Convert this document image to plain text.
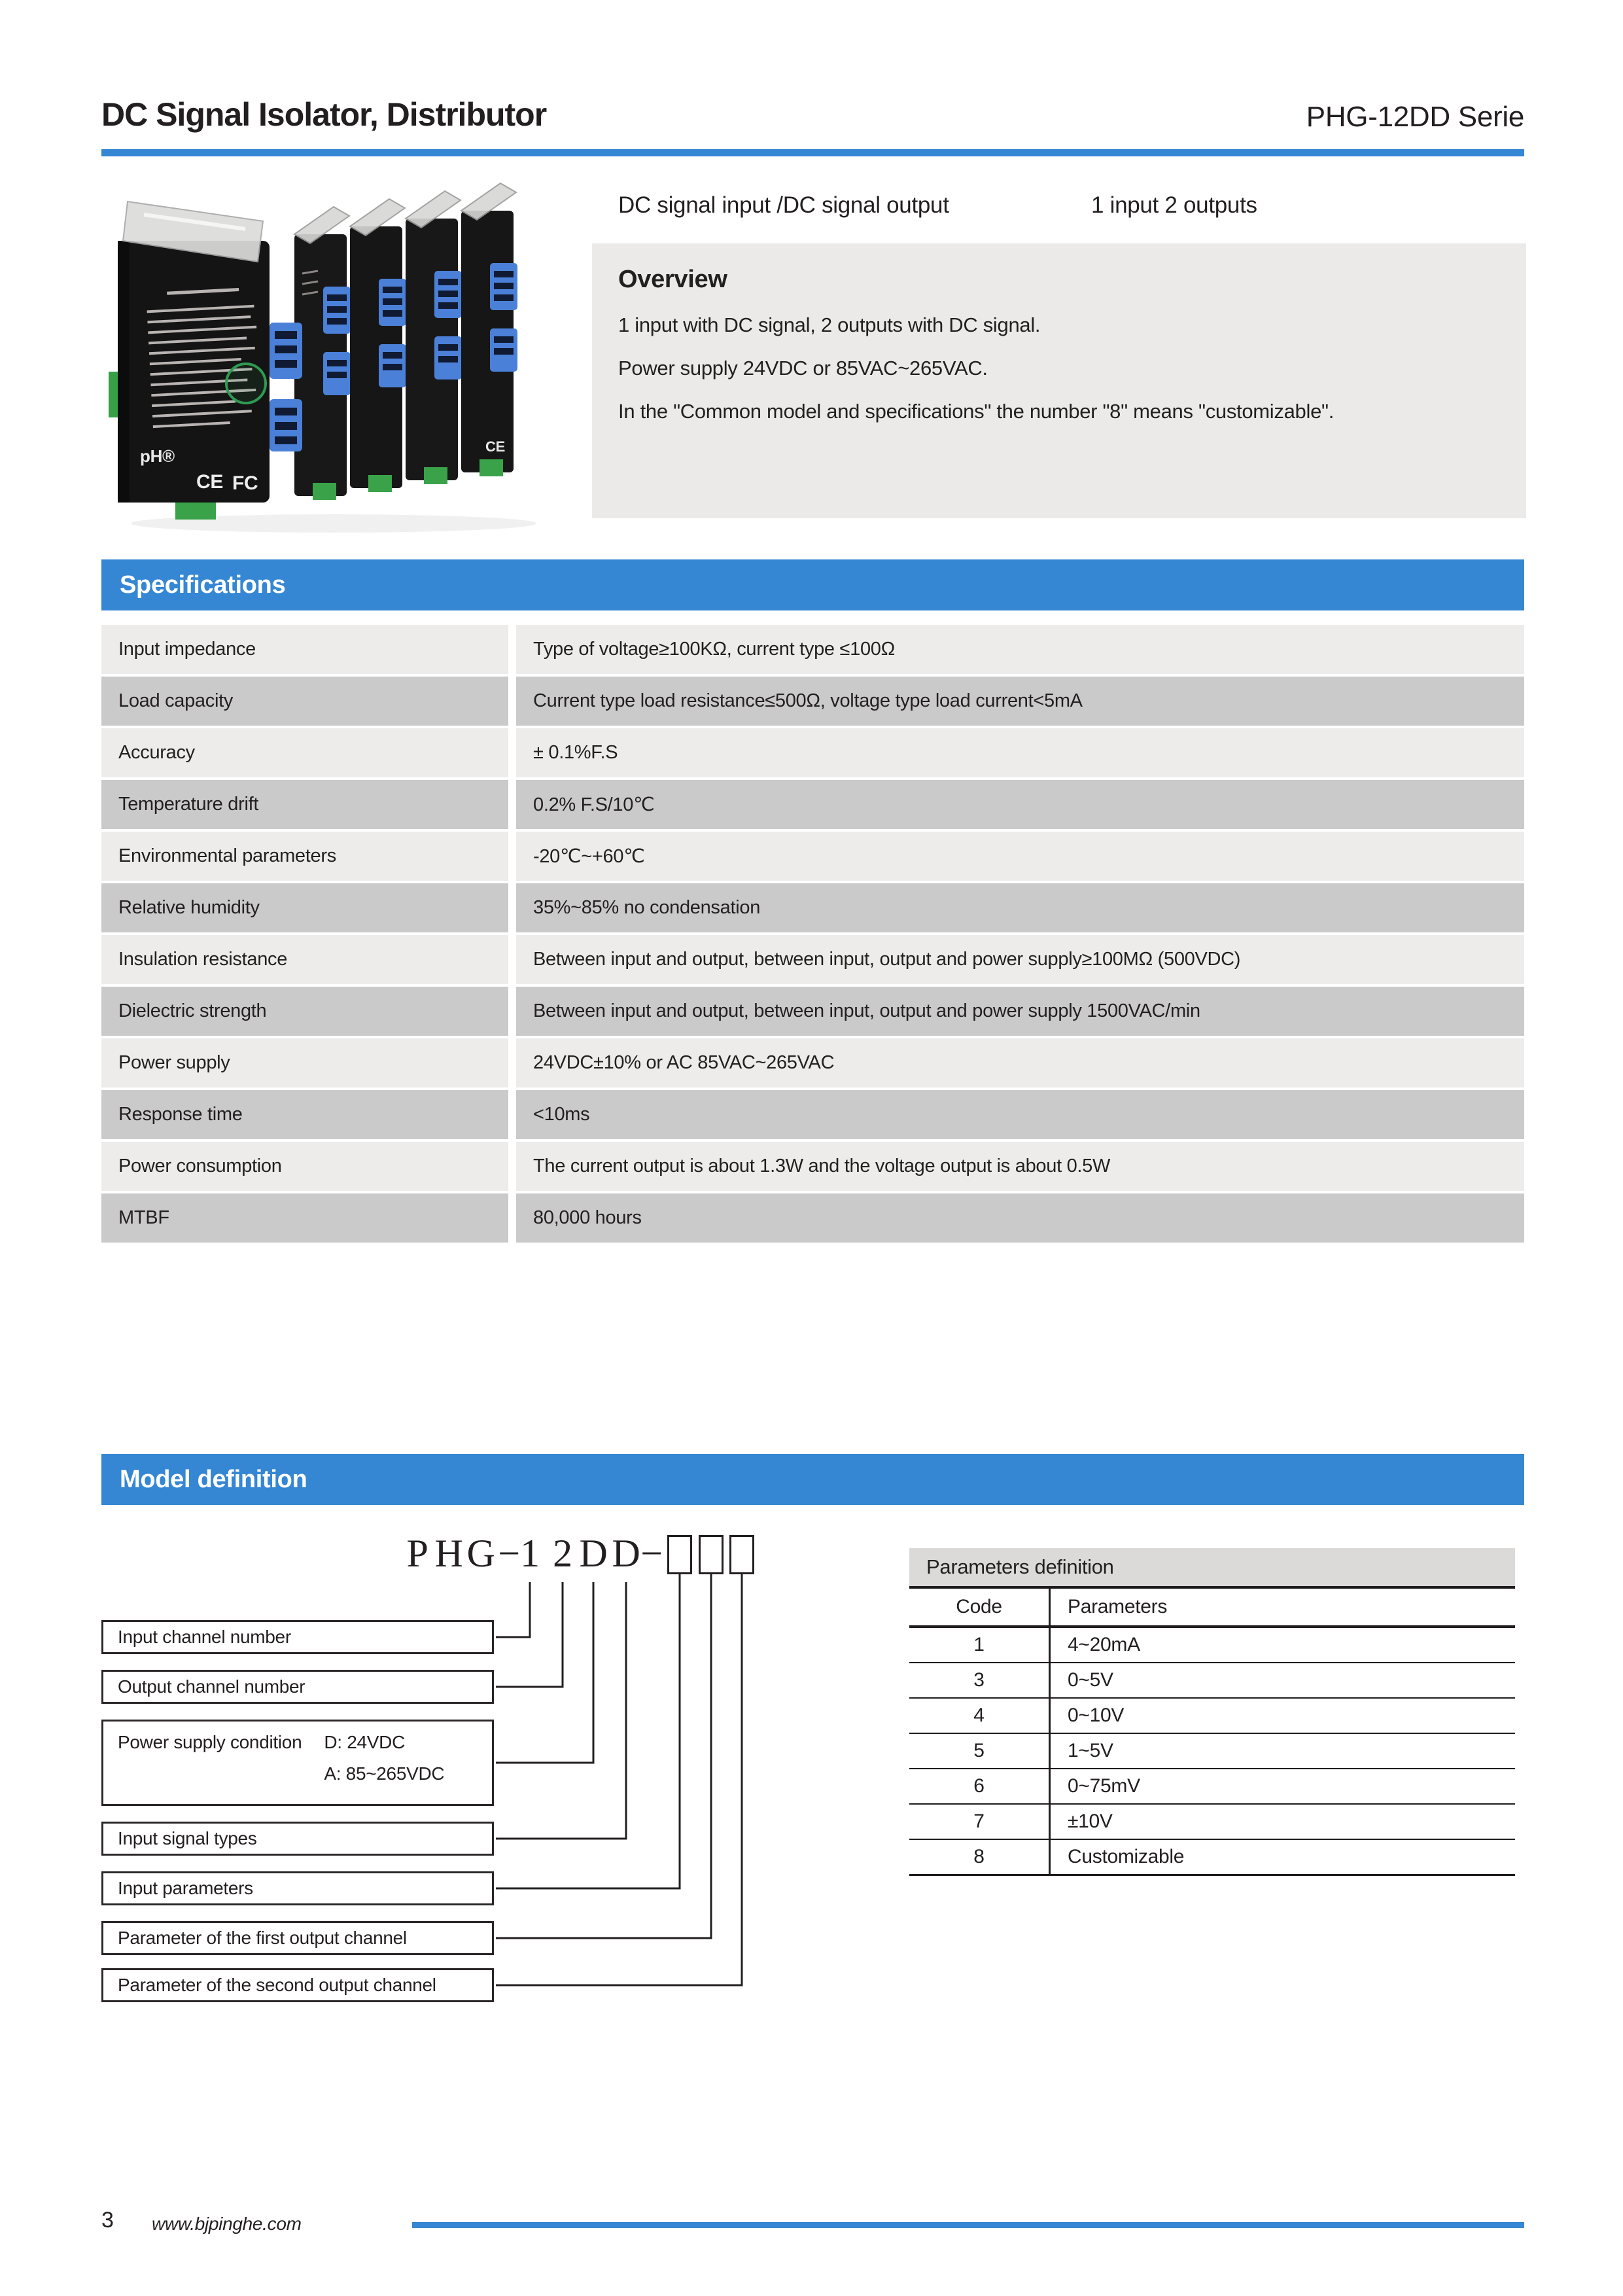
DC Signal Isolator, Distributor	PHG-12DD Serie
CE
pH®
CE FC
DC signal input /DC signal output	1 input 2 outputs
Overview
1 input with DC signal, 2 outputs with DC signal.
Power supply 24VDC or 85VAC~265VAC.
In the "Common model and specifications" the number "8" means "customizable".
Specifications
Input impedance	Type of voltage≥100KΩ, current type ≤100Ω
Load capacity	Current type load resistance≤500Ω, voltage type load current<5mA
Accuracy	± 0.1%F.S
Temperature drift	0.2% F.S/10℃
Environmental parameters	-20℃~+60℃
Relative humidity	35%~85% no condensation
Insulation resistance	Between input and output, between input, output and power supply≥100MΩ (500VDC)
Dielectric strength	Between input and output, between input, output and power supply 1500VAC/min
Power supply	24VDC±10% or AC 85VAC~265VAC
Response time	<10ms
Power consumption	The current output is about 1.3W and the voltage output is about 0.5W
MTBF	80,000 hours
Model definition
P H G − 1 2 D D −
Input channel number
Output channel number
Power supply condition D: 24VDC
A: 85~265VDC
Input signal types
Input parameters
Parameter of the first output channel
Parameter of the second output channel
Parameters definition
Code	Parameters
1	4~20mA
3	0~5V
4	0~10V
5	1~5V
6	0~75mV
7	±10V
8	Customizable
3 www.bjpinghe.com
